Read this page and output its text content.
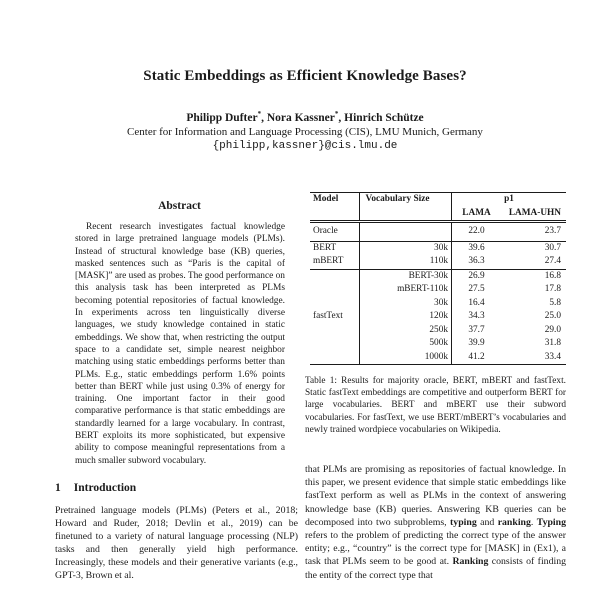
Static Embeddings as Efficient Knowledge Bases?
Philipp Dufter*, Nora Kassner*, Hinrich Schütze
Center for Information and Language Processing (CIS), LMU Munich, Germany
{philipp,kassner}@cis.lmu.de
Abstract

Recent research investigates factual knowledge stored in large pretrained language models (PLMs). Instead of structural knowledge base (KB) queries, masked sentences such as “Paris is the capital of [MASK]” are used as probes. The good performance on this analysis task has been interpreted as PLMs becoming potential repositories of factual knowledge. In experiments across ten linguistically diverse languages, we study knowledge contained in static embeddings. We show that, when restricting the output space to a candidate set, simple nearest neighbor matching using static embeddings performs better than PLMs. E.g., static embeddings perform 1.6% points better than BERT while just using 0.3% of energy for training. One important factor in their good comparative performance is that static embeddings are standardly learned for a large vocabulary. In contrast, BERT exploits its more sophisticated, but expensive ability to compose meaningful representations from a much smaller subword vocabulary.

1 Introduction

Pretrained language models (PLMs) (Peters et al., 2018; Howard and Ruder, 2018; Devlin et al., 2019) can be finetuned to a variety of natural language processing (NLP) tasks and then generally yield high performance. Increasingly, these models and their generative variants (e.g., GPT-3, Brown et al.

Model	Vocabulary Size	p1	
		LAMA	LAMA-UHN
Oracle		22.0	23.7
BERT	30k	39.6	30.7
mBERT	110k	36.3	27.4
	BERT-30k	26.9	16.8
	mBERT-110k	27.5	17.8
	30k	16.4	5.8
fastText	120k	34.3	25.0
	250k	37.7	29.0
	500k	39.9	31.8
	1000k	41.2	33.4

Table 1: Results for majority oracle, BERT, mBERT and fastText. Static fastText embeddings are competitive and outperform BERT for large vocabularies. BERT and mBERT use their subword vocabularies. For fastText, we use BERT/mBERT’s vocabularies and newly trained wordpiece vocabularies on Wikipedia.

that PLMs are promising as repositories of factual knowledge. In this paper, we present evidence that simple static embeddings like fastText perform as well as PLMs in the context of answering knowledge base (KB) queries. Answering KB queries can be decomposed into two subproblems, typing and ranking. Typing refers to the problem of predicting the correct type of the answer entity; e.g., “country” is the correct type for [MASK] in (Ex1), a task that PLMs seem to be good at. Ranking consists of finding the entity of the correct type that
